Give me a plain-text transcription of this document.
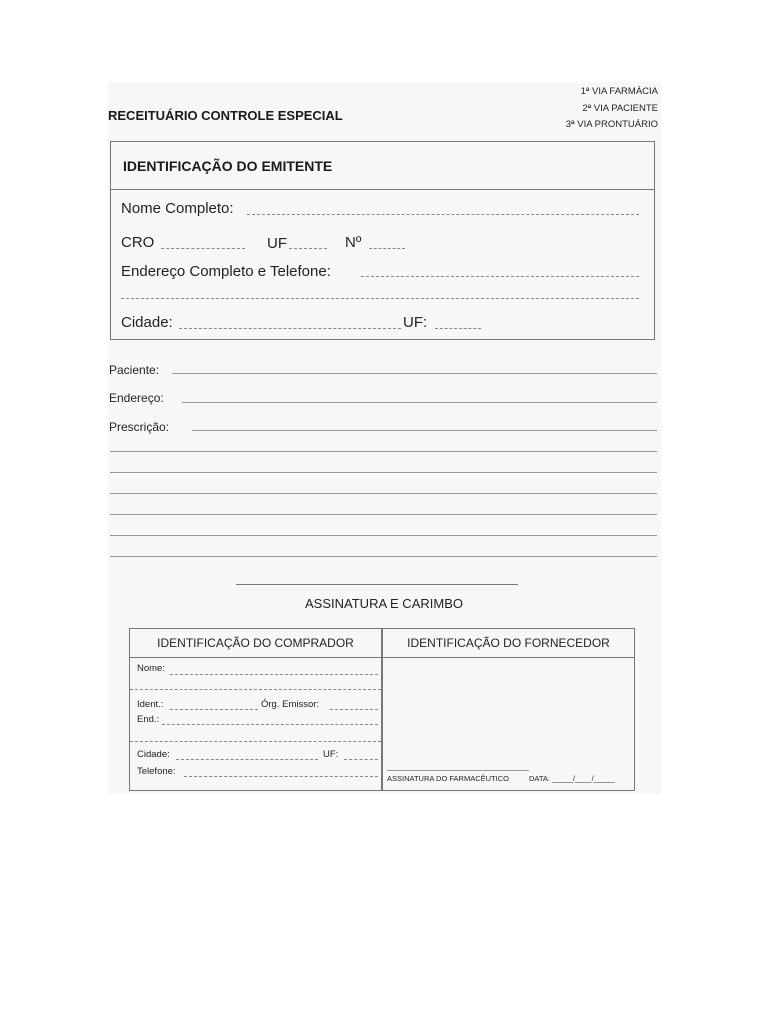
RECEITUÁRIO CONTROLE ESPECIAL
1ª VIA FARMÁCIA
2ª VIA PACIENTE
3ª VIA PRONTUÁRIO
IDENTIFICAÇÃO DO EMITENTE
Nome Completo:
CRO	UF	Nº
Endereço Completo e Telefone:
Cidade:	UF:
Paciente:
Endereço:
Prescrição:
ASSINATURA E CARIMBO
IDENTIFICAÇÃO DO COMPRADOR
Nome:
Ident.:	Órg. Emissor:
End.:
Cidade:	UF:
Telefone:
IDENTIFICAÇÃO DO FORNECEDOR
ASSINATURA DO FARMACÊUTICO	DATA: _____/____/_____
